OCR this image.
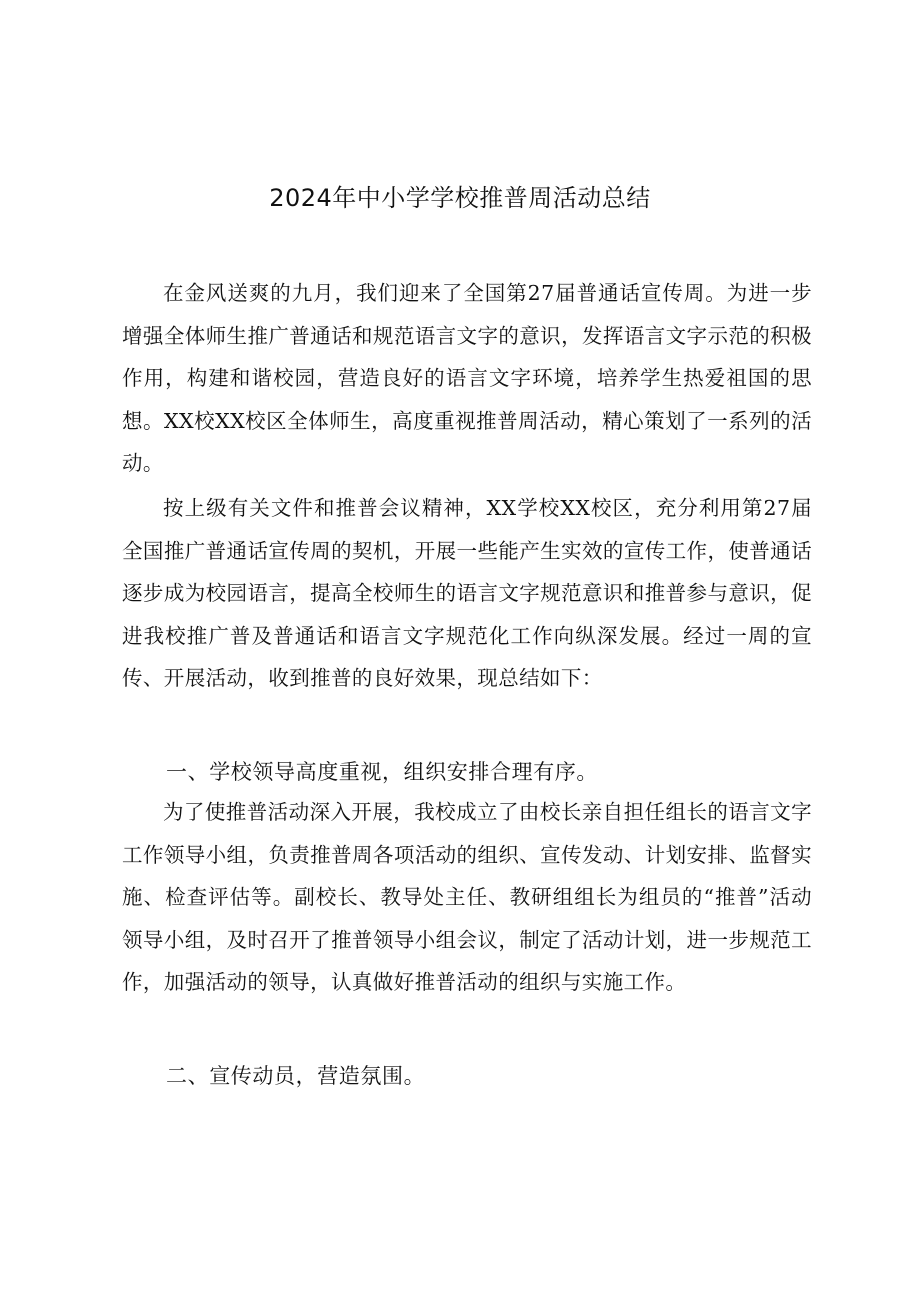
2024年中小学学校推普周活动总结

在金风送爽的九月，我们迎来了全国第27届普通话宣传周。为进一步增强全体师生推广普通话和规范语言文字的意识，发挥语言文字示范的积极作用，构建和谐校园，营造良好的语言文字环境，培养学生热爱祖国的思想。XX校XX校区全体师生，高度重视推普周活动，精心策划了一系列的活动。

按上级有关文件和推普会议精神，XX学校XX校区，充分利用第27届全国推广普通话宣传周的契机，开展一些能产生实效的宣传工作，使普通话逐步成为校园语言，提高全校师生的语言文字规范意识和推普参与意识，促进我校推广普及普通话和语言文字规范化工作向纵深发展。经过一周的宣传、开展活动，收到推普的良好效果，现总结如下：

一、学校领导高度重视，组织安排合理有序。

为了使推普活动深入开展，我校成立了由校长亲自担任组长的语言文字工作领导小组，负责推普周各项活动的组织、宣传发动、计划安排、监督实施、检查评估等。副校长、教导处主任、教研组组长为组员的“推普”活动领导小组，及时召开了推普领导小组会议，制定了活动计划，进一步规范工作，加强活动的领导，认真做好推普活动的组织与实施工作。

二、宣传动员，营造氛围。
